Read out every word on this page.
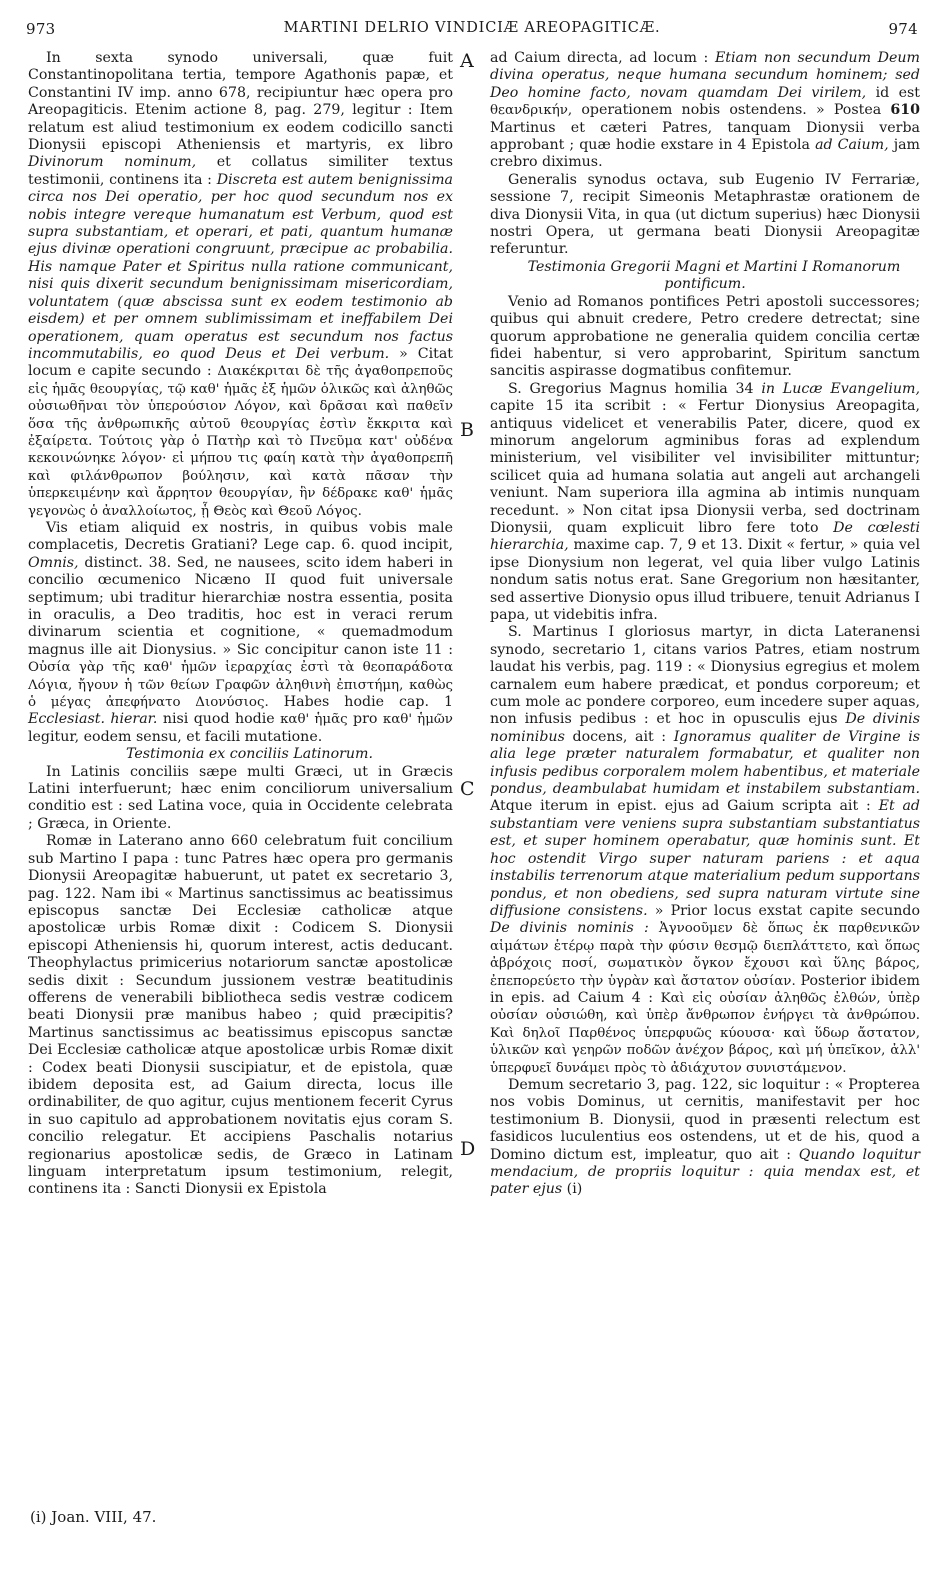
973	MARTINI DELRIO VINDICIÆ AREOPAGITICÆ.	974
A
B
C
D

In sexta synodo universali, quæ fuit Constantinopolitana tertia, tempore Agathonis papæ, et Constantini IV imp. anno 678, recipiuntur hæc opera pro Areopagiticis. Etenim actione 8, pag. 279, legitur : Item relatum est aliud testimonium ex eodem codicillo sancti Dionysii episcopi Atheniensis et martyris, ex libro Divinorum nominum, et collatus similiter textus testimonii, continens ita : Discreta est autem benignissima circa nos Dei operatio, per hoc quod secundum nos ex nobis integre vereque humanatum est Verbum, quod est supra substantiam, et operari, et pati, quantum humanæ ejus divinæ operationi congruunt, præcipue ac probabilia. His namque Pater et Spiritus nulla ratione communicant, nisi quis dixerit secundum benignissimam misericordiam, voluntatem (quæ abscissa sunt ex eodem testimonio ab eisdem) et per omnem sublimissimam et ineffabilem Dei operationem, quam operatus est secundum nos factus incommutabilis, eo quod Deus et Dei verbum. » Citat locum e capite secundo : Διακέκριται δὲ τῆς ἀγαθοπρεποῦς εἰς ἡμᾶς θεουργίας, τῷ καθ' ἡμᾶς ἐξ ἡμῶν ὁλικῶς καὶ ἀληθῶς οὐσιωθῆναι τὸν ὑπερούσιον Λόγον, καὶ δρᾶσαι καὶ παθεῖν ὅσα τῆς ἀνθρωπικῆς αὐτοῦ θεουργίας ἐστὶν ἔκκριτα καὶ ἐξαίρετα. Τούτοις γὰρ ὁ Πατὴρ καὶ τὸ Πνεῦμα κατ' οὐδένα κεκοινώνηκε λόγον· εἰ μήπου τις φαίη κατὰ τὴν ἀγαθοπρεπῆ καὶ φιλάνθρωπον βούλησιν, καὶ κατὰ πᾶσαν τὴν ὑπερκειμένην καὶ ἄρρητον θεουργίαν, ἣν δέδρακε καθ' ἡμᾶς γεγονὼς ὁ ἀναλλοίωτος, ᾗ Θεὸς καὶ Θεοῦ Λόγος.

Vis etiam aliquid ex nostris, in quibus vobis male complacetis, Decretis Gratiani? Lege cap. 6. quod incipit, Omnis, distinct. 38. Sed, ne nausees, scito idem haberi in concilio œcumenico Nicæno II quod fuit universale septimum; ubi traditur hierarchiæ nostra essentia, posita in oraculis, a Deo traditis, hoc est in veraci rerum divinarum scientia et cognitione, « quemadmodum magnus ille ait Dionysius. » Sic concipitur canon iste 11 : Οὐσία γὰρ τῆς καθ' ἡμῶν ἱεραρχίας ἐστὶ τὰ θεοπαράδοτα Λόγια, ἤγουν ἡ τῶν θείων Γραφῶν ἀληθινὴ ἐπιστήμη, καθὼς ὁ μέγας ἀπεφήνατο Διονύσιος. Habes hodie cap. 1 Ecclesiast. hierar. nisi quod hodie καθ' ἡμᾶς pro καθ' ἡμῶν legitur, eodem sensu, et facili mutatione.

Testimonia ex conciliis Latinorum.

In Latinis conciliis sæpe multi Græci, ut in Græcis Latini interfuerunt; hæc enim conciliorum universalium conditio est : sed Latina voce, quia in Occidente celebrata ; Græca, in Oriente.

Romæ in Laterano anno 660 celebratum fuit concilium sub Martino I papa : tunc Patres hæc opera pro germanis Dionysii Areopagitæ habuerunt, ut patet ex secretario 3, pag. 122. Nam ibi « Martinus sanctissimus ac beatissimus episcopus sanctæ Dei Ecclesiæ catholicæ atque apostolicæ urbis Romæ dixit : Codicem S. Dionysii episcopi Atheniensis hi, quorum interest, actis deducant. Theophylactus primicerius notariorum sanctæ apostolicæ sedis dixit : Secundum jussionem vestræ beatitudinis offerens de venerabili bibliotheca sedis vestræ codicem beati Dionysii præ manibus habeo ; quid præcipitis? Martinus sanctissimus ac beatissimus episcopus sanctæ Dei Ecclesiæ catholicæ atque apostolicæ urbis Romæ dixit : Codex beati Dionysii suscipiatur, et de epistola, quæ ibidem deposita est, ad Gaium directa, locus ille ordinabiliter, de quo agitur, cujus mentionem fecerit Cyrus in suo capitulo ad approbationem novitatis ejus coram S. concilio relegatur. Et accipiens Paschalis notarius regionarius apostolicæ sedis, de Græco in Latinam linguam interpretatum ipsum testimonium, relegit, continens ita : Sancti Dionysii ex Epistola

ad Caium directa, ad locum : Etiam non secundum Deum divina operatus, neque humana secundum hominem; sed Deo homine facto, novam quamdam Dei virilem, id est θεανδρικήν, operationem nobis ostendens. » Postea 610 Martinus et cæteri Patres, tanquam Dionysii verba approbant ; quæ hodie exstare in 4 Epistola ad Caium, jam crebro diximus.

Generalis synodus octava, sub Eugenio IV Ferrariæ, sessione 7, recipit Simeonis Metaphrastæ orationem de diva Dionysii Vita, in qua (ut dictum superius) hæc Dionysii nostri Opera, ut germana beati Dionysii Areopagitæ referuntur.

Testimonia Gregorii Magni et Martini I Romanorum pontificum.

Venio ad Romanos pontifices Petri apostoli successores; quibus qui abnuit credere, Petro credere detrectat; sine quorum approbatione ne generalia quidem concilia certæ fidei habentur, si vero approbarint, Spiritum sanctum sancitis aspirasse dogmatibus confitemur.

S. Gregorius Magnus homilia 34 in Lucæ Evangelium, capite 15 ita scribit : « Fertur Dionysius Areopagita, antiquus videlicet et venerabilis Pater, dicere, quod ex minorum angelorum agminibus foras ad explendum ministerium, vel visibiliter vel invisibiliter mittuntur; scilicet quia ad humana solatia aut angeli aut archangeli veniunt. Nam superiora illa agmina ab intimis nunquam recedunt. » Non citat ipsa Dionysii verba, sed doctrinam Dionysii, quam explicuit libro fere toto De cœlesti hierarchia, maxime cap. 7, 9 et 13. Dixit « fertur, » quia vel ipse Dionysium non legerat, vel quia liber vulgo Latinis nondum satis notus erat. Sane Gregorium non hæsitanter, sed assertive Dionysio opus illud tribuere, tenuit Adrianus I papa, ut videbitis infra.

S. Martinus I gloriosus martyr, in dicta Lateranensi synodo, secretario 1, citans varios Patres, etiam nostrum laudat his verbis, pag. 119 : « Dionysius egregius et molem carnalem eum habere prædicat, et pondus corporeum; et cum mole ac pondere corporeo, eum incedere super aquas, non infusis pedibus : et hoc in opusculis ejus De divinis nominibus docens, ait : Ignoramus qualiter de Virgine is alia lege præter naturalem formabatur, et qualiter non infusis pedibus corporalem molem habentibus, et materiale pondus, deambulabat humidam et instabilem substantiam. Atque iterum in epist. ejus ad Gaium scripta ait : Et ad substantiam vere veniens supra substantiam substantiatus est, et super hominem operabatur, quæ hominis sunt. Et hoc ostendit Virgo super naturam pariens : et aqua instabilis terrenorum atque materialium pedum supportans pondus, et non obediens, sed supra naturam virtute sine diffusione consistens. » Prior locus exstat capite secundo De divinis nominis : Ἀγνοοῦμεν δὲ ὅπως ἐκ παρθενικῶν αἱμάτων ἑτέρῳ παρὰ τὴν φύσιν θεσμῷ διεπλάττετο, καὶ ὅπως ἀβρόχοις ποσί, σωματικὸν ὄγκον ἔχουσι καὶ ὕλης βάρος, ἐπεπορεύετο τὴν ὑγρὰν καὶ ἄστατον οὐσίαν. Posterior ibidem in epis. ad Caium 4 : Καὶ εἰς οὐσίαν ἀληθῶς ἐλθών, ὑπὲρ οὐσίαν οὐσιώθη, καὶ ὑπὲρ ἄνθρωπον ἐνήργει τὰ ἀνθρώπου. Καὶ δηλοῖ Παρθένος ὑπερφυῶς κύουσα· καὶ ὕδωρ ἄστατον, ὑλικῶν καὶ γεηρῶν ποδῶν ἀνέχον βάρος, καὶ μή ὑπεῖκον, ἀλλ' ὑπερφυεῖ δυνάμει πρὸς τὸ ἀδιάχυτον συνιστάμενον.

Demum secretario 3, pag. 122, sic loquitur : « Propterea nos vobis Dominus, ut cernitis, manifestavit per hoc testimonium B. Dionysii, quod in præsenti relectum est fasidicos luculentius eos ostendens, ut et de his, quod a Domino dictum est, impleatur, quo ait : Quando loquitur mendacium, de propriis loquitur : quia mendax est, et pater ejus (i)

(i) Joan. VIII, 47.
